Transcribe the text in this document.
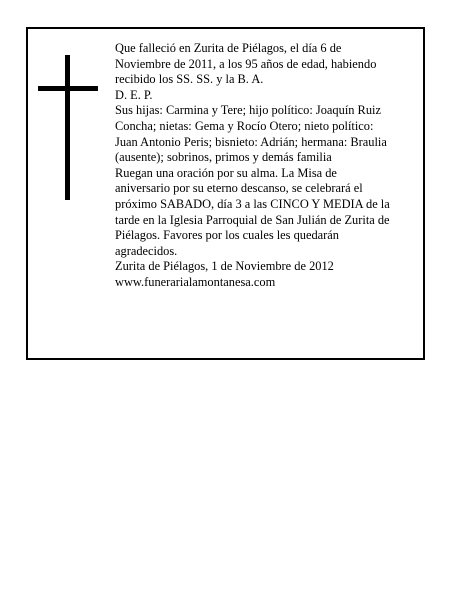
Que falleció en Zurita de Piélagos, el día 6 de

Noviembre de 2011, a los 95 años de edad, habiendo

recibido los SS. SS. y la B. A.

D. E. P.

Sus hijas: Carmina y Tere; hijo político: Joaquín Ruiz

Concha; nietas: Gema y Rocío Otero; nieto político:

Juan Antonio Peris; bisnieto: Adrián; hermana: Braulia

(ausente); sobrinos, primos y demás familia

Ruegan una oración por su alma. La Misa de

aniversario por su eterno descanso, se celebrará el

próximo SABADO, día 3 a las CINCO Y MEDIA de la

tarde en la Iglesia Parroquial de San Julián de Zurita de

Piélagos. Favores por los cuales les quedarán

agradecidos.

Zurita de Piélagos, 1 de Noviembre de 2012

www.funerarialamontanesa.com
